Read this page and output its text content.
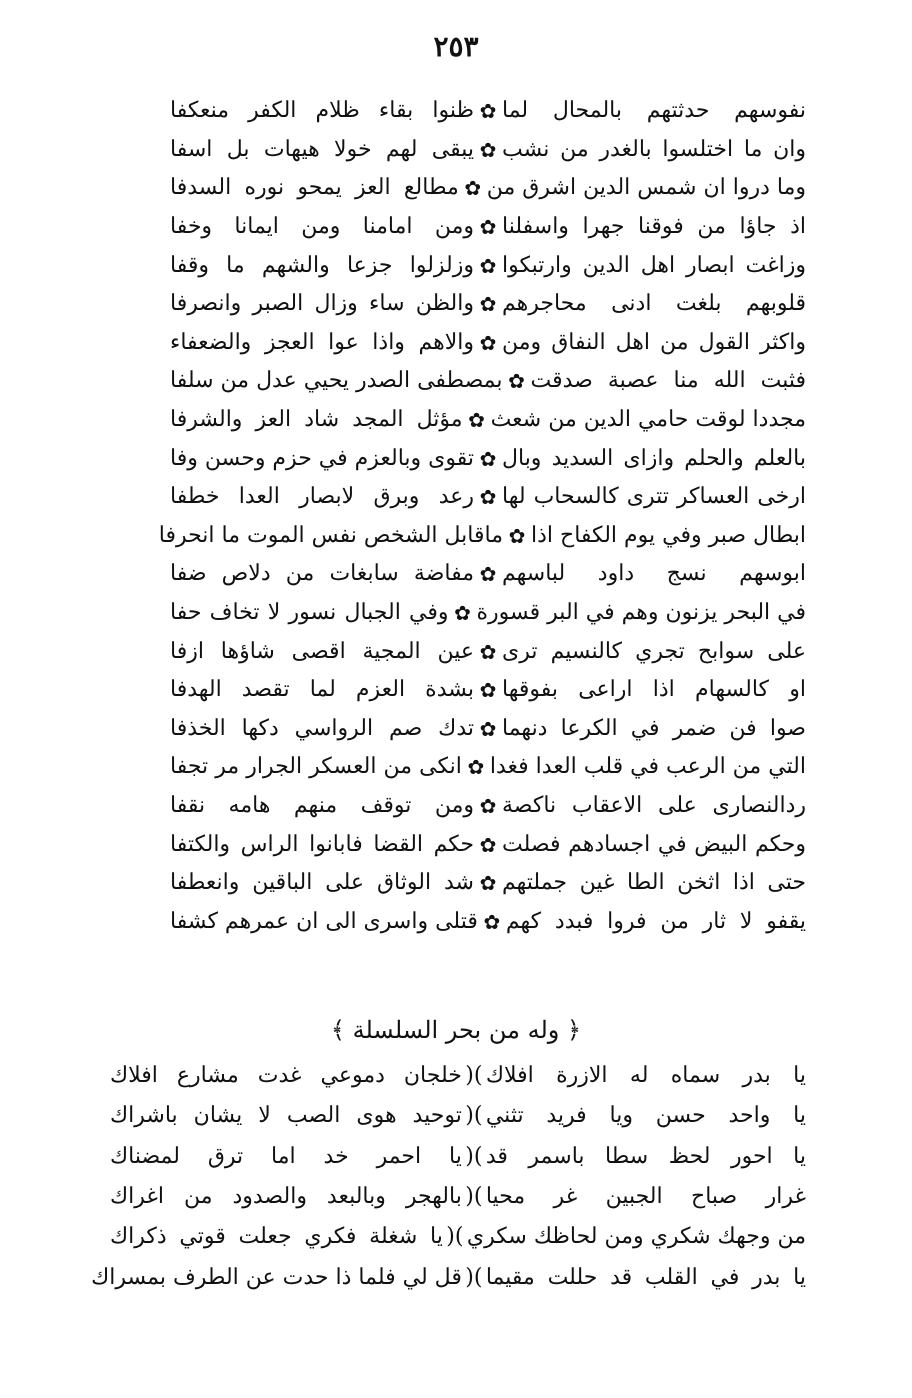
٢٥٣
نفوسهم حدثتهم بالمحال لما
✿
ظنوا بقاء ظلام الكفر منعكفا
وان ما اختلسوا بالغدر من نشب
✿
يبقى لهم خولا هيهات بل اسفا
وما دروا ان شمس الدين اشرق من
✿
مطالع العز يمحو نوره السدفا
اذ جاؤا من فوقنا جهرا واسفلنا
✿
ومن امامنا ومن ايمانا وخفا
وزاغت ابصار اهل الدين وارتبكوا
✿
وزلزلوا جزعا والشهم ما وقفا
قلوبهم بلغت ادنى محاجرهم
✿
والظن ساء وزال الصبر وانصرفا
واكثر القول من اهل النفاق ومن
✿
والاهم واذا عوا العجز والضعفاء
فثبت الله منا عصبة صدقت
✿
بمصطفى الصدر يحيي عدل من سلفا
مجددا لوقت حامي الدين من شعث
✿
مؤثل المجد شاد العز والشرفا
بالعلم والحلم وازاى السديد وبال
✿
تقوى وبالعزم في حزم وحسن وفا
ارخى العساكر تترى كالسحاب لها
✿
رعد وبرق لابصار العدا خطفا
ابطال صبر وفي يوم الكفاح اذا
✿
ماقابل الشخص نفس الموت ما انحرفا
ابوسهم نسج داود لباسهم
✿
مفاضة سابغات من دلاص ضفا
في البحر يزنون وهم في البر قسورة
✿
وفي الجبال نسور لا تخاف حفا
على سوابح تجري كالنسيم ترى
✿
عين المجية اقصى شاؤها ازفا
او كالسهام اذا اراعى بفوقها
✿
بشدة العزم لما تقصد الهدفا
صوا فن ضمر في الكرعا دنهما
✿
تدك صم الرواسي دكها الخذفا
التي من الرعب في قلب العدا فغدا
✿
انكى من العسكر الجرار مر تجفا
ردالنصارى على الاعقاب ناكصة
✿
ومن توقف منهم هامه نقفا
وحكم البيض في اجسادهم فصلت
✿
حكم القضا فابانوا الراس والكتفا
حتى اذا اثخن الطا غين جملتهم
✿
شد الوثاق على الباقين وانعطفا
يقفو لا ثار من فروا فبدد كهم
✿
قتلى واسرى الى ان عمرهم كشفا
﴿ وله من بحر السلسلة ﴾
يا بدر سماه له الازرة افلاك
)(
خلجان دموعي غدت مشارع افلاك
يا واحد حسن ويا فريد تثني
)(
توحيد هوى الصب لا يشان باشراك
يا احور لحظ سطا باسمر قد
)(
يا احمر خد اما ترق لمضناك
غرار صباح الجبين غر محيا
)(
بالهجر وبالبعد والصدود من اغراك
من وجهك شكري ومن لحاظك سكري
)(
يا شغلة فكري جعلت قوتي ذكراك
يا بدر في القلب قد حللت مقيما
)(
قل لي فلما ذا حدت عن الطرف بمسراك
